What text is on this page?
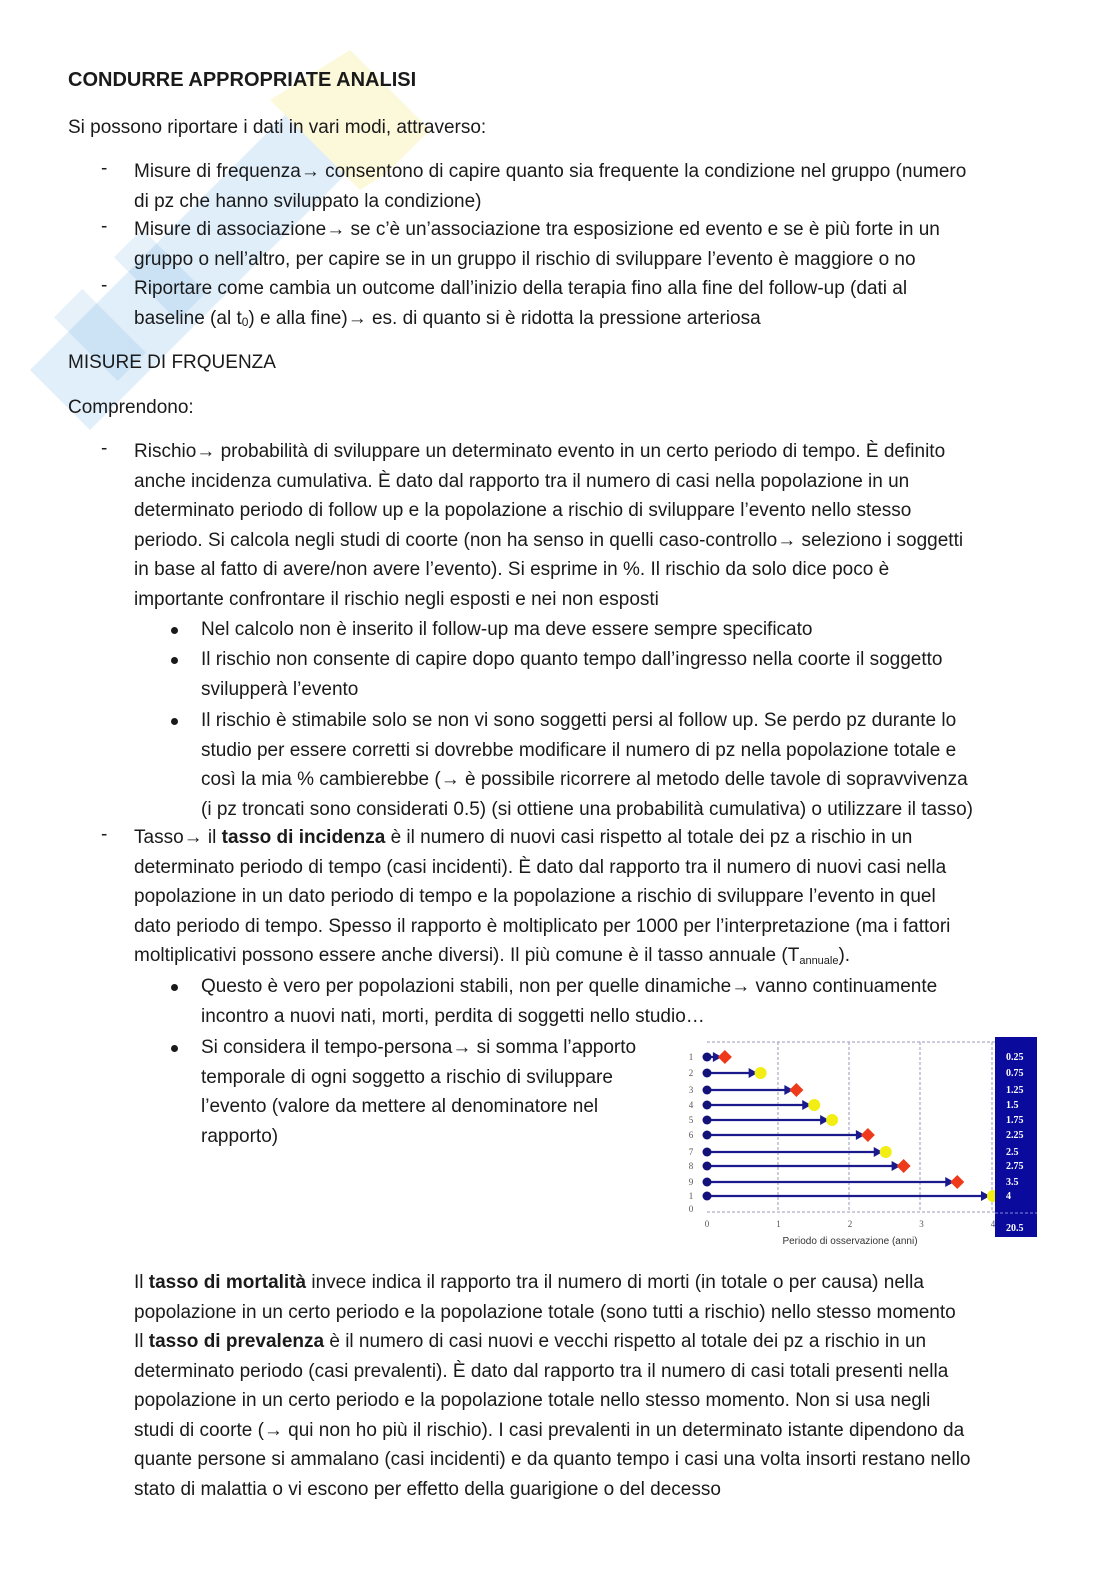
CONDURRE APPROPRIATE ANALISI
Si possono riportare i dati in vari modi, attraverso:
- Misure di frequenza→ consentono di capire quanto sia frequente la condizione nel gruppo (numero
di pz che hanno sviluppato la condizione)
- Misure di associazione→ se c’è un’associazione tra esposizione ed evento e se è più forte in un
gruppo o nell’altro, per capire se in un gruppo il rischio di sviluppare l’evento è maggiore o no
- Riportare come cambia un outcome dall’inizio della terapia fino alla fine del follow-up (dati al
baseline (al t0) e alla fine)→ es. di quanto si è ridotta la pressione arteriosa
MISURE DI FRQUENZA
Comprendono:
- Rischio→ probabilità di sviluppare un determinato evento in un certo periodo di tempo. È definito
anche incidenza cumulativa. È dato dal rapporto tra il numero di casi nella popolazione in un
determinato periodo di follow up e la popolazione a rischio di sviluppare l’evento nello stesso
periodo. Si calcola negli studi di coorte (non ha senso in quelli caso-controllo→ seleziono i soggetti
in base al fatto di avere/non avere l’evento). Si esprime in %. Il rischio da solo dice poco è
importante confrontare il rischio negli esposti e nei non esposti
Nel calcolo non è inserito il follow-up ma deve essere sempre specificato
Il rischio non consente di capire dopo quanto tempo dall’ingresso nella coorte il soggetto
svilupperà l’evento
Il rischio è stimabile solo se non vi sono soggetti persi al follow up. Se perdo pz durante lo
studio per essere corretti si dovrebbe modificare il numero di pz nella popolazione totale e
così la mia % cambierebbe (→ è possibile ricorrere al metodo delle tavole di sopravvivenza
(i pz troncati sono considerati 0.5) (si ottiene una probabilità cumulativa) o utilizzare il tasso)
- Tasso→ il tasso di incidenza è il numero di nuovi casi rispetto al totale dei pz a rischio in un
determinato periodo di tempo (casi incidenti). È dato dal rapporto tra il numero di nuovi casi nella
popolazione in un dato periodo di tempo e la popolazione a rischio di sviluppare l’evento in quel
dato periodo di tempo. Spesso il rapporto è moltiplicato per 1000 per l’interpretazione (ma i fattori
moltiplicativi possono essere anche diversi). Il più comune è il tasso annuale $(T_{annuale})$.
Questo è vero per popolazioni stabili, non per quelle dinamiche→ vanno continuamente
incontro a nuovi nati, morti, perdita di soggetti nello studio…
Si considera il tempo-persona→ si somma l’apporto
temporale di ogni soggetto a rischio di sviluppare
l’evento (valore da mettere al denominatore nel
rapporto)
1
2
3
4
5
6
7
8
9
1
0
0	1	2	3	4
Periodo di osservazione (anni)
0.25
0.75
1.25
1.5
1.75
2.25
2.5
2.75
3.5
4
20.5
Il tasso di mortalità invece indica il rapporto tra il numero di morti (in totale o per causa) nella
popolazione in un certo periodo e la popolazione totale (sono tutti a rischio) nello stesso momento
Il tasso di prevalenza è il numero di casi nuovi e vecchi rispetto al totale dei pz a rischio in un
determinato periodo (casi prevalenti). È dato dal rapporto tra il numero di casi totali presenti nella
popolazione in un certo periodo e la popolazione totale nello stesso momento. Non si usa negli
studi di coorte (→ qui non ho più il rischio). I casi prevalenti in un determinato istante dipendono da
quante persone si ammalano (casi incidenti) e da quanto tempo i casi una volta insorti restano nello
stato di malattia o vi escono per effetto della guarigione o del decesso
